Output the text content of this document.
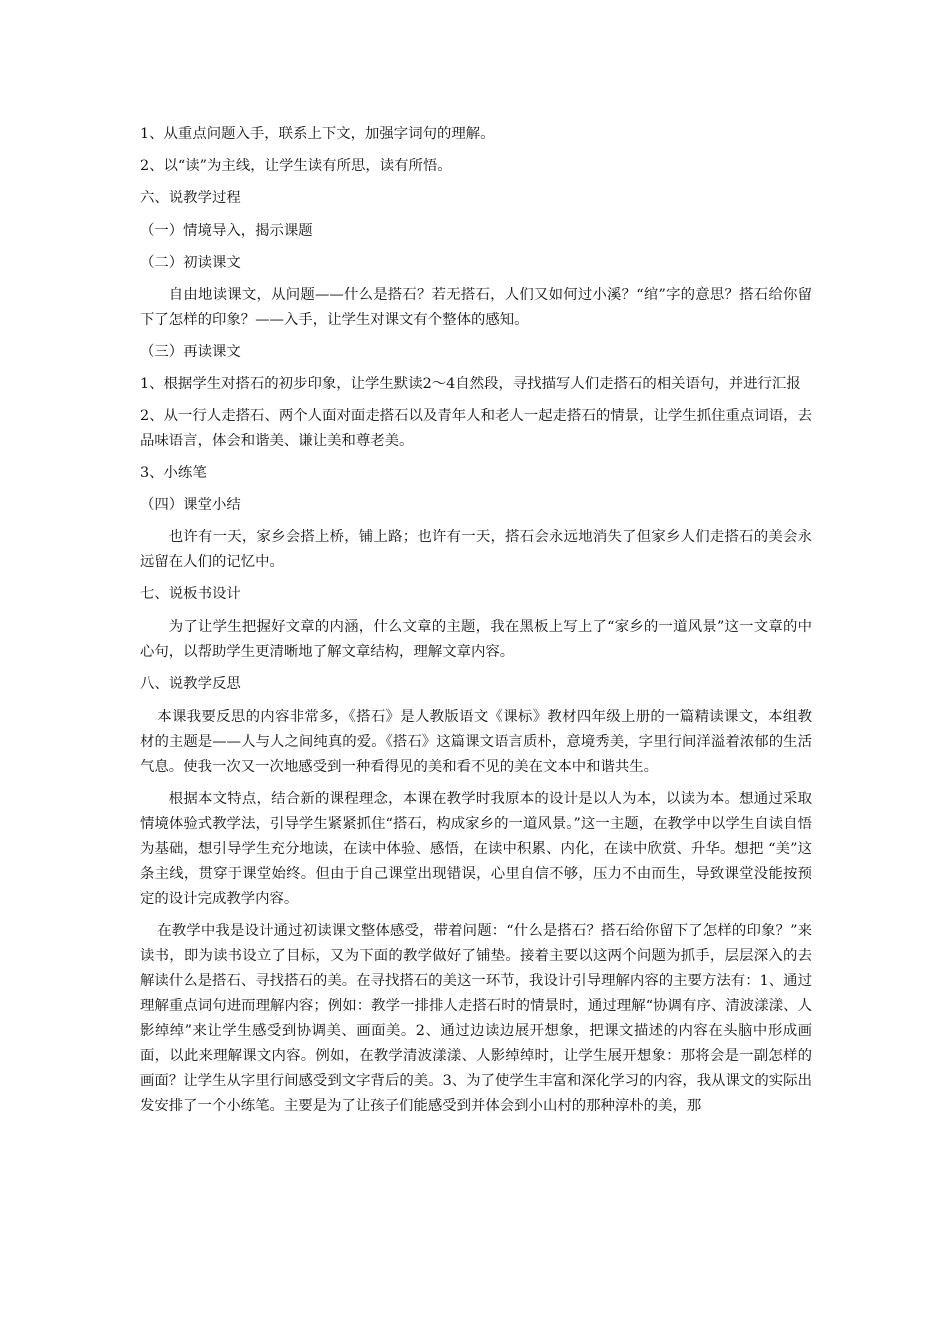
1、从重点问题入手，联系上下文，加强字词句的理解。

2、以“读”为主线，让学生读有所思，读有所悟。

六、说教学过程

（一）情境导入，揭示课题

（二）初读课文

自由地读课文，从问题——什么是搭石？若无搭石，人们又如何过小溪？“绾”字的意思？搭石给你留下了怎样的印象？——入手，让学生对课文有个整体的感知。

（三）再读课文

1、根据学生对搭石的初步印象，让学生默读2～4自然段，寻找描写人们走搭石的相关语句，并进行汇报

2、从一行人走搭石、两个人面对面走搭石以及青年人和老人一起走搭石的情景，让学生抓住重点词语，去品味语言，体会和谐美、谦让美和尊老美。

3、小练笔

（四）课堂小结

也许有一天，家乡会搭上桥，铺上路；也许有一天，搭石会永远地消失了但家乡人们走搭石的美会永远留在人们的记忆中。

七、说板书设计

为了让学生把握好文章的内涵，什么文章的主题，我在黑板上写上了“家乡的一道风景”这一文章的中心句，以帮助学生更清晰地了解文章结构，理解文章内容。

八、说教学反思

本课我要反思的内容非常多，《搭石》是人教版语文《课标》教材四年级上册的一篇精读课文，本组教材的主题是——人与人之间纯真的爱。《搭石》这篇课文语言质朴，意境秀美，字里行间洋溢着浓郁的生活气息。使我一次又一次地感受到一种看得见的美和看不见的美在文本中和谐共生。

根据本文特点，结合新的课程理念，本课在教学时我原本的设计是以人为本，以读为本。想通过采取情境体验式教学法，引导学生紧紧抓住“搭石，构成家乡的一道风景。”这一主题，在教学中以学生自读自悟为基础，想引导学生充分地读，在读中体验、感悟，在读中积累、内化，在读中欣赏、升华。想把 “美”这条主线，贯穿于课堂始终。但由于自己课堂出现错误，心里自信不够，压力不由而生，导致课堂没能按预定的设计完成教学内容。

在教学中我是设计通过初读课文整体感受，带着问题：“什么是搭石？搭石给你留下了怎样的印象？”来读书，即为读书设立了目标，又为下面的教学做好了铺垫。接着主要以这两个问题为抓手，层层深入的去解读什么是搭石、寻找搭石的美。在寻找搭石的美这一环节，我设计引导理解内容的主要方法有：1、通过理解重点词句进而理解内容；例如：教学一排排人走搭石时的情景时，通过理解“协调有序、清波漾漾、人影绰绰”来让学生感受到协调美、画面美。2、通过边读边展开想象，把课文描述的内容在头脑中形成画面，以此来理解课文内容。例如，在教学清波漾漾、人影绰绰时，让学生展开想象：那将会是一副怎样的画面？让学生从字里行间感受到文字背后的美。3、为了使学生丰富和深化学习的内容，我从课文的实际出发安排了一个小练笔。主要是为了让孩子们能感受到并体会到小山村的那种淳朴的美，那
